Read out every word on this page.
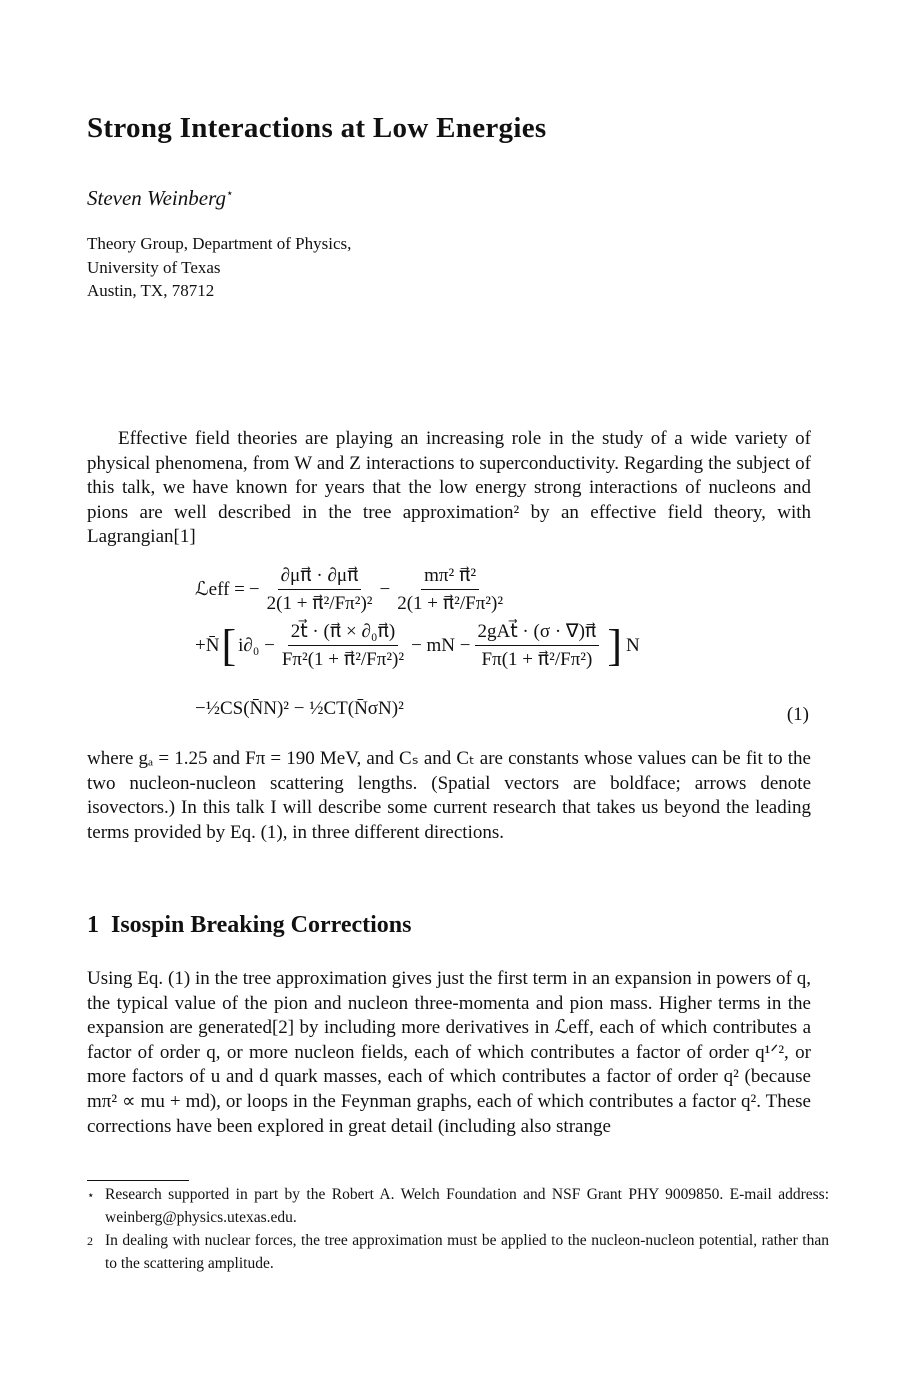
Strong Interactions at Low Energies
Steven Weinberg⋆
Theory Group, Department of Physics,
University of Texas
Austin, TX, 78712
Effective field theories are playing an increasing role in the study of a wide variety of physical phenomena, from W and Z interactions to superconductivity. Regarding the subject of this talk, we have known for years that the low energy strong interactions of nucleons and pions are well described in the tree approximation² by an effective field theory, with Lagrangian[1]
ℒeff = − $\frac{\partial\mu\pi⃗ \cdot \partial\mu\pi⃗}{\text{2(1 + π⃗²/Fπ²)²}} - \frac{\text{mπ² π⃗²}}{\text{2(1 + π⃗²/Fπ²)²}}$
+N̄ [ $i\partial_0 - \frac{\text{2t⃗ · (π⃗ × ∂₀π⃗)}}{\text{Fπ²(1 + π⃗²/Fπ²)²}}$ − mN − $\frac{\text{2gAt⃗ · (σ · ∇)π⃗}}{\text{Fπ(1 + π⃗²/Fπ²)}}$ ] N
−½CS(N̄N)² − ½CT(N̄σN)²	(1)
where gₐ = 1.25 and Fπ = 190 MeV, and Cₛ and Cₜ are constants whose values can be fit to the two nucleon-nucleon scattering lengths. (Spatial vectors are boldface; arrows denote isovectors.) In this talk I will describe some current research that takes us beyond the leading terms provided by Eq. (1), in three different directions.
1 Isospin Breaking Corrections
Using Eq. (1) in the tree approximation gives just the first term in an expansion in powers of q, the typical value of the pion and nucleon three-momenta and pion mass. Higher terms in the expansion are generated[2] by including more derivatives in ℒeff, each of which contributes a factor of order q, or more nucleon fields, each of which contributes a factor of order q¹ᐟ², or more factors of u and d quark masses, each of which contributes a factor of order q² (because mπ² ∝ mu + md), or loops in the Feynman graphs, each of which contributes a factor q². These corrections have been explored in great detail (including also strange
⋆ Research supported in part by the Robert A. Welch Foundation and NSF Grant PHY 9009850. E-mail address: weinberg@physics.utexas.edu.
2 In dealing with nuclear forces, the tree approximation must be applied to the nucleon-nucleon potential, rather than to the scattering amplitude.
